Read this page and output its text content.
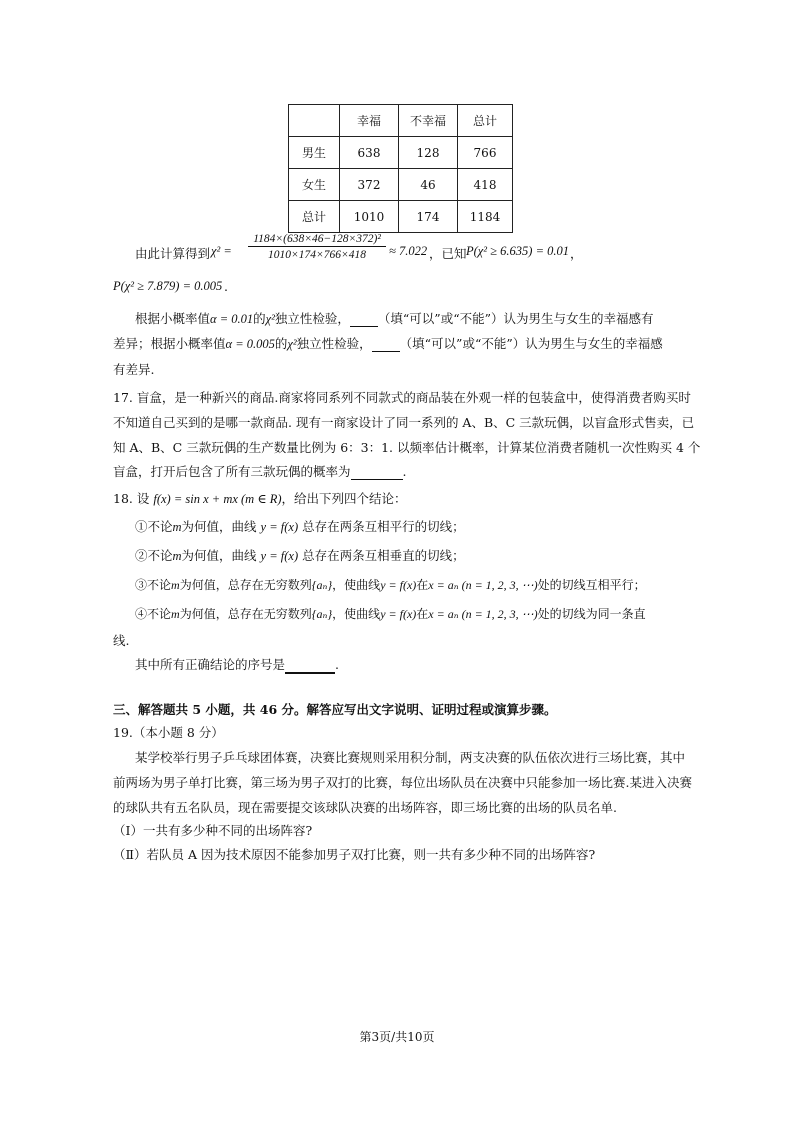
	幸福	不幸福	总计
男生	638	128	766
女生	372	46	418
总计	1010	174	1184
由此计算得到 $\chi^2 = \frac{\text{1184×(638×46−128×372)²}}{1010\times 174\times 766\times 418} \approx 7.022$ ，已知 P(χ² ≥ 6.635) = 0.01 ，
P(χ² ≥ 7.879) = 0.005 .
根据小概率值α = 0.01的χ²独立性检验， （填“可以”或“不能”）认为男生与女生的幸福感有
差异；根据小概率值α = 0.005的χ²独立性检验， （填“可以”或“不能”）认为男生与女生的幸福感
有差异.
17. 盲盒，是一种新兴的商品.商家将同系列不同款式的商品装在外观一样的包装盒中，使得消费者购买时
不知道自己买到的是哪一款商品. 现有一商家设计了同一系列的 A、B、C 三款玩偶，以盲盒形式售卖，已
知 A、B、C 三款玩偶的生产数量比例为 6：3：1. 以频率估计概率，计算某位消费者随机一次性购买 4 个
盲盒，打开后包含了所有三款玩偶的概率为	.
18. 设 f(x) = sin x + mx (m ∈ R)，给出下列四个结论：
①不论m为何值，曲线 y = f(x) 总存在两条互相平行的切线；
②不论m为何值，曲线 y = f(x) 总存在两条互相垂直的切线；
③不论m为何值，总存在无穷数列{aₙ}，使曲线y = f(x)在x = aₙ (n = 1, 2, 3, ⋯)处的切线互相平行；
④不论m为何值，总存在无穷数列{aₙ}，使曲线y = f(x)在x = aₙ (n = 1, 2, 3, ⋯)处的切线为同一条直
线.
其中所有正确结论的序号是	.
三、解答题共 5 小题，共 46 分。解答应写出文字说明、证明过程或演算步骤。
19.（本小题 8 分）
某学校举行男子乒乓球团体赛，决赛比赛规则采用积分制，两支决赛的队伍依次进行三场比赛，其中
前两场为男子单打比赛，第三场为男子双打的比赛，每位出场队员在决赛中只能参加一场比赛.某进入决赛
的球队共有五名队员，现在需要提交该球队决赛的出场阵容，即三场比赛的出场的队员名单.
（Ⅰ）一共有多少种不同的出场阵容?
（Ⅱ）若队员 A 因为技术原因不能参加男子双打比赛，则一共有多少种不同的出场阵容?
第3页/共10页
